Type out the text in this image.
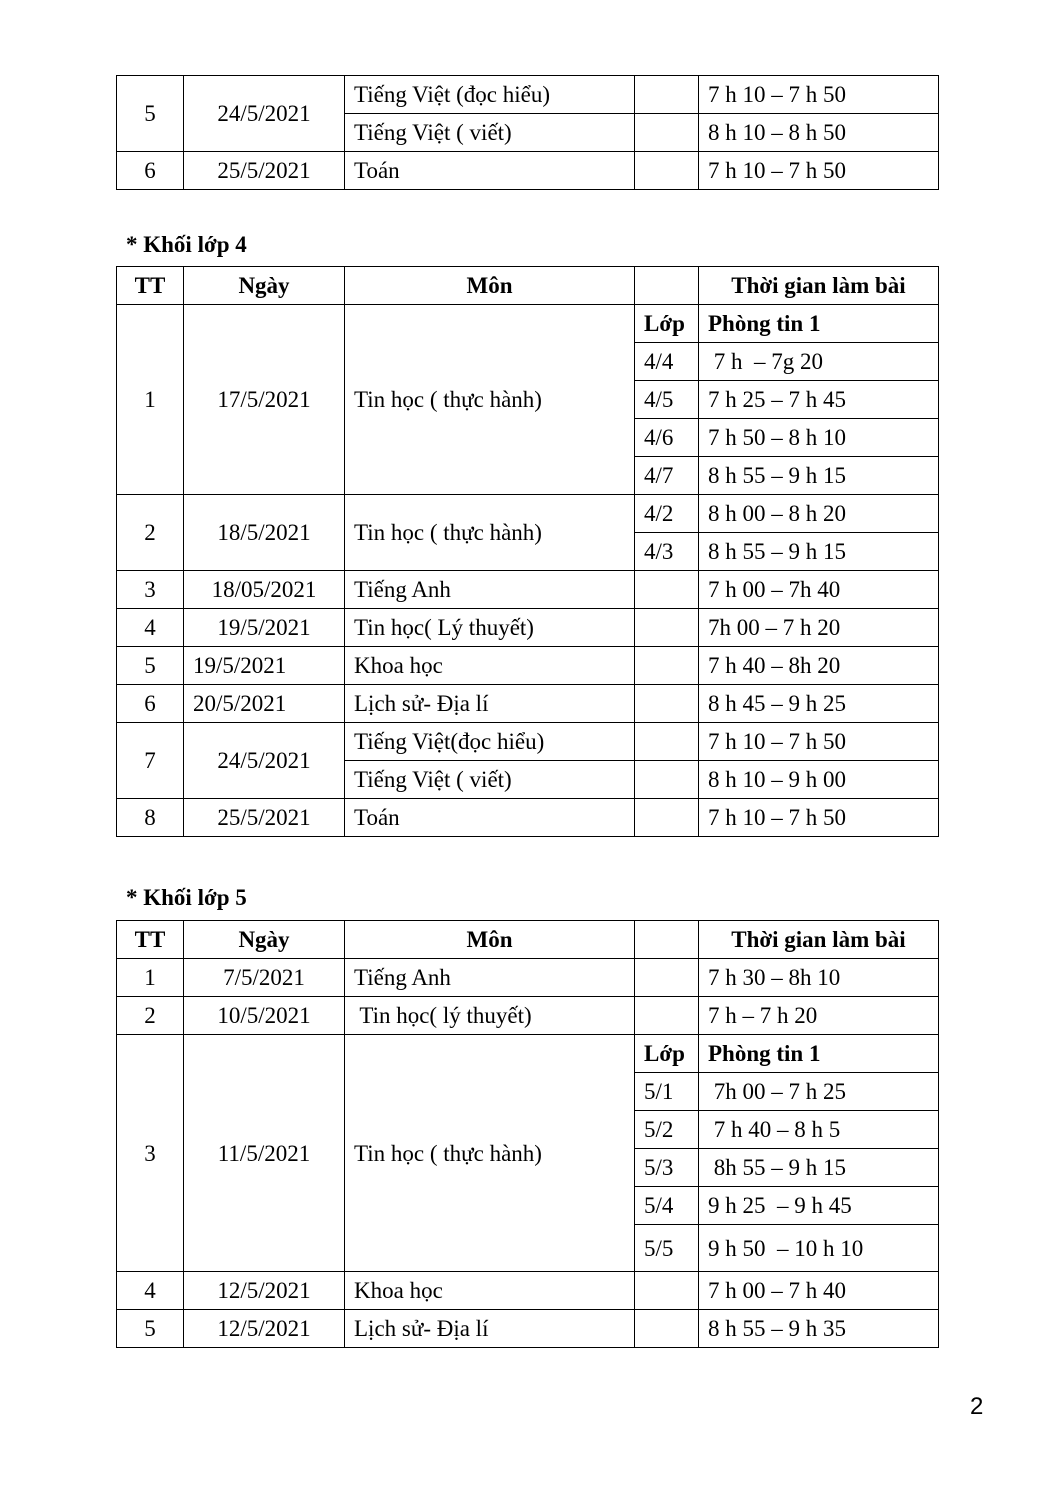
5	24/5/2021	Tiếng Việt (đọc hiểu)		7 h 10 – 7 h 50
		Tiếng Việt ( viết)		8 h 10 – 8 h 50
6	25/5/2021	Toán		7 h 10 – 7 h 50
* Khối lớp 4
TT	Ngày	Môn		Thời gian làm bài
1	17/5/2021	Tin học ( thực hành)	Lớp	Phòng tin 1
			4/4	7 h  – 7g 20
			4/5	7 h 25 – 7 h 45
			4/6	7 h 50 – 8 h 10
			4/7	8 h 55 – 9 h 15
2	18/5/2021	Tin học ( thực hành)	4/2	8 h 00 – 8 h 20
			4/3	8 h 55 – 9 h 15
3	18/05/2021	Tiếng Anh		7 h 00 – 7h 40
4	19/5/2021	Tin học( Lý thuyết)		7h 00 – 7 h 20
5	19/5/2021	Khoa học		7 h 40 – 8h 20
6	20/5/2021	Lịch sử- Địa lí		8 h 45 – 9 h 25
7	24/5/2021	Tiếng Việt(đọc hiểu)		7 h 10 – 7 h 50
		Tiếng Việt ( viết)		8 h 10 – 9 h 00
8	25/5/2021	Toán		7 h 10 – 7 h 50
* Khối lớp 5
TT	Ngày	Môn		Thời gian làm bài
1	7/5/2021	Tiếng Anh		7 h 30 – 8h 10
2	10/5/2021	Tin học( lý thuyết)		7 h – 7 h 20
3	11/5/2021	Tin học ( thực hành)	Lớp	Phòng tin 1
			5/1	7h 00 – 7 h 25
			5/2	7 h 40 – 8 h 5
			5/3	8h 55 – 9 h 15
			5/4	9 h 25  – 9 h 45
			5/5	9 h 50  – 10 h 10
4	12/5/2021	Khoa học		7 h 00 – 7 h 40
5	12/5/2021	Lịch sử- Địa lí		8 h 55 – 9 h 35
2
